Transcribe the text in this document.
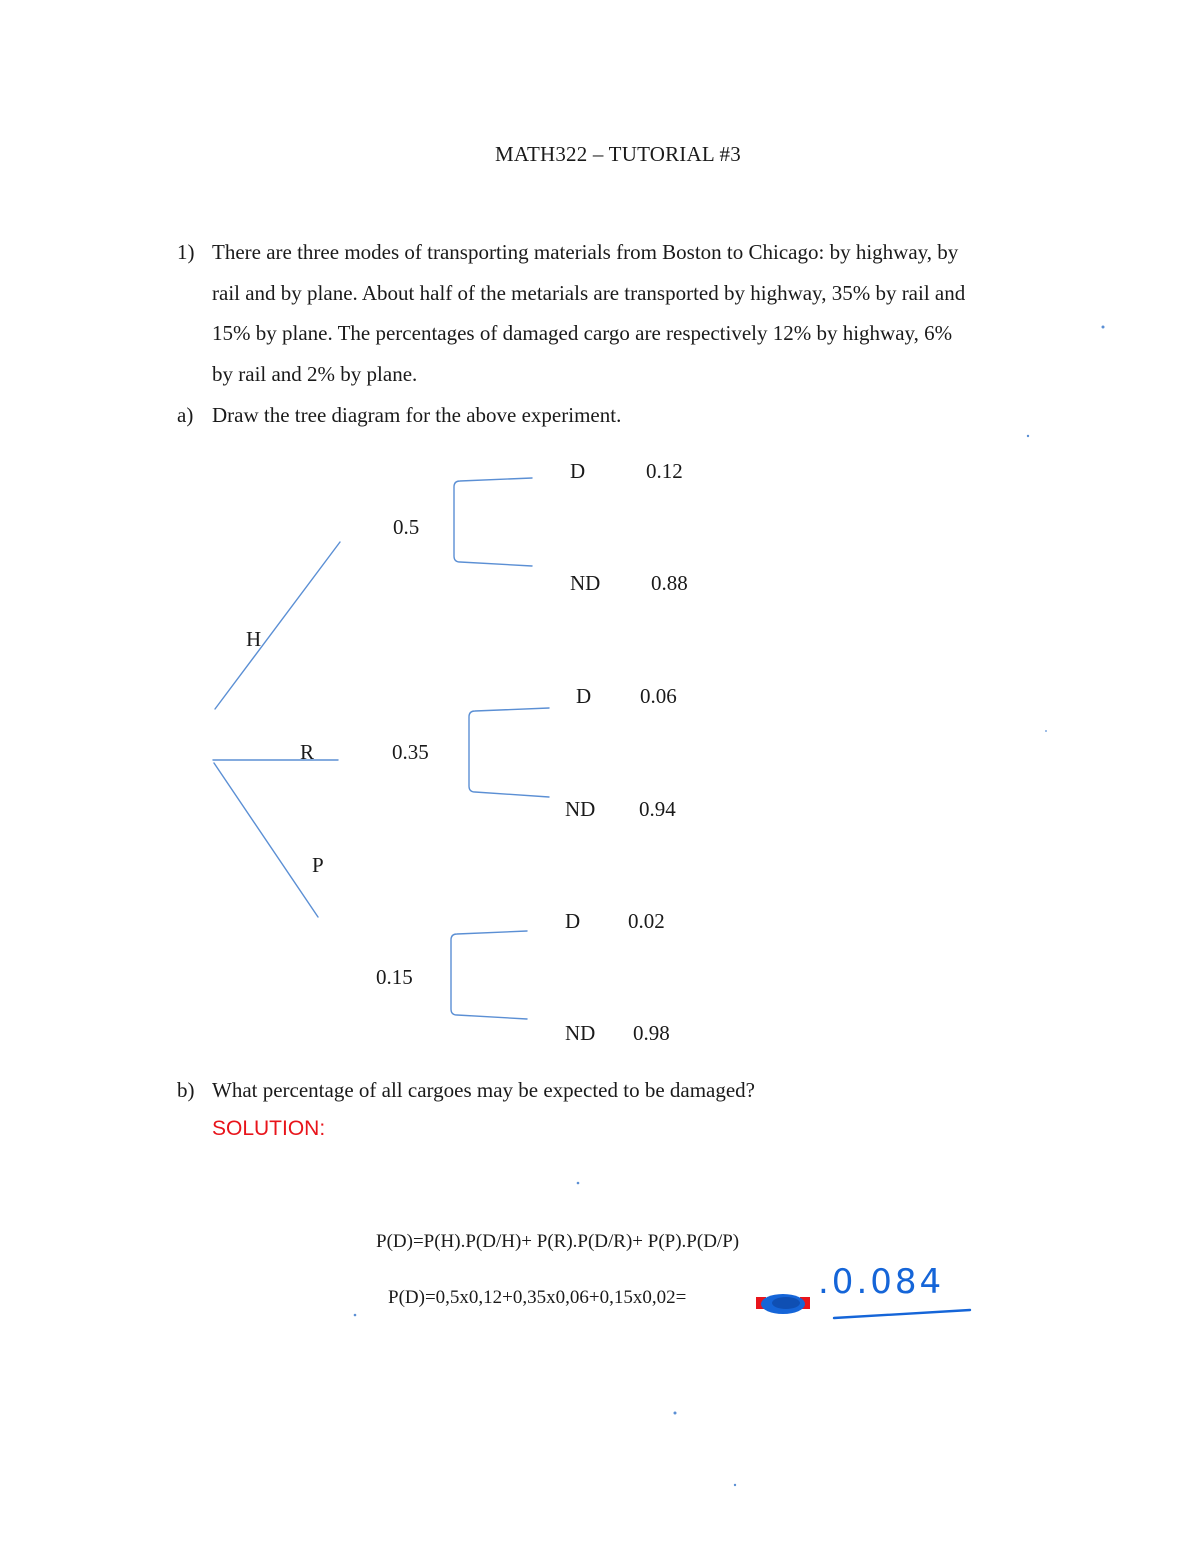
MATH322 – TUTORIAL #3
1) There are three modes of transporting materials from Boston to Chicago: by highway, by
rail and by plane. About half of the metarials are transported by highway, 35% by rail and
15% by plane. The percentages of damaged cargo are respectively 12% by highway, 6%
by rail and 2% by plane.
a) Draw the tree diagram for the above experiment.
H
0.5
D	0.12
ND 0.88
R	0.35
D 0.06
ND 0.94
P
0.15
D 0.02
ND 0.98
b) What percentage of all cargoes may be expected to be damaged?
SOLUTION:
P(D)=P(H).P(D/H)+ P(R).P(D/R)+ P(P).P(D/P)
P(D)=0,5x0,12+0,35x0,06+0,15x0,02=	.0.084
